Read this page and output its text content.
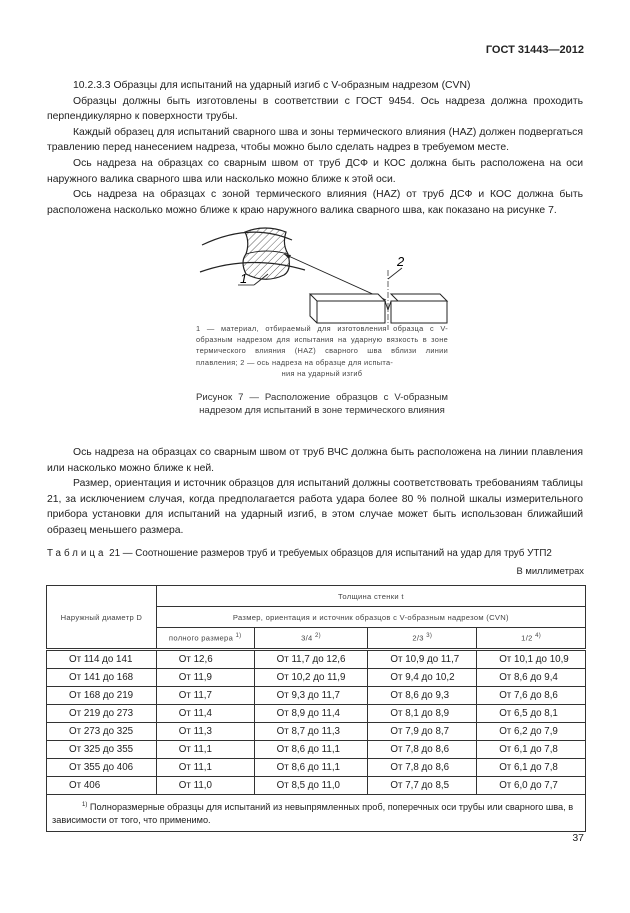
ГОСТ 31443—2012

10.2.3.3 Образцы для испытаний на ударный изгиб с V-образным надрезом (CVN)

Образцы должны быть изготовлены в соответствии с ГОСТ 9454. Ось надреза должна проходить перпендикулярно к поверхности трубы.

Каждый образец для испытаний сварного шва и зоны термического влияния (HAZ) должен подвергаться травлению перед нанесением надреза, чтобы можно было сделать надрез в требуемом месте.

Ось надреза на образцах со сварным швом от труб ДСФ и КОС должна быть расположена на оси наружного валика сварного шва или насколько можно ближе к этой оси.

Ось надреза на образцах с зоной термического влияния (HAZ) от труб ДСФ и КОС должна быть расположена насколько можно ближе к краю наружного валика сварного шва, как показано на рисунке 7.

1
2
1 — материал, отбираемый для изготовления образца с V-образным надрезом для испытания на ударную вязкость в зоне термического влияния (HAZ) сварного шва вблизи линии плавления; 2 — ось надреза на образце для испыта-
ния на ударный изгиб
Рисунок 7 — Расположение образцов с V-образным надрезом для испытаний в зоне термического влияния

Ось надреза на образцах со сварным швом от труб ВЧС должна быть расположена на линии плавления или насколько можно ближе к ней.

Размер, ориентация и источник образцов для испытаний должны соответствовать требованиям таблицы 21, за исключением случая, когда предполагается работа удара более 80 % полной шкалы измерительного прибора установки для испытаний на ударный изгиб, в этом случае может быть использован ближайший образец меньшего размера.

Таблица 21 — Соотношение размеров труб и требуемых образцов для испытаний на удар для труб УТП2
В миллиметрах
Наружный диаметр D	Толщина стенки t			
	Размер, ориентация и источник образцов с V-образным надрезом (CVN)			
	полного размера $^{1)}$	3/4 $^{2)}$	2/3 $^{3)}$	1/2 $^{4)}$
От 114 до 141	От 12,6	От 11,7 до 12,6	От 10,9 до 11,7	От 10,1 до 10,9
От 141 до 168	От 11,9	От 10,2 до 11,9	От 9,4 до 10,2	От 8,6 до 9,4
От 168 до 219	От 11,7	От 9,3 до 11,7	От 8,6 до 9,3	От 7,6 до 8,6
От 219 до 273	От 11,4	От 8,9 до 11,4	От 8,1 до 8,9	От 6,5 до 8,1
От 273 до 325	От 11,3	От 8,7 до 11,3	От 7,9 до 8,7	От 6,2 до 7,9
От 325 до 355	От 11,1	От 8,6 до 11,1	От 7,8 до 8,6	От 6,1 до 7,8
От 355 до 406	От 11,1	От 8,6 до 11,1	От 7,8 до 8,6	От 6,1 до 7,8
От 406	От 11,0	От 8,5 до 11,0	От 7,7 до 8,5	От 6,0 до 7,7
$^{1)}$ Полноразмерные образцы для испытаний из невыпрямленных проб, поперечных оси трубы или сварного шва, в зависимости от того, что применимо.				
37
